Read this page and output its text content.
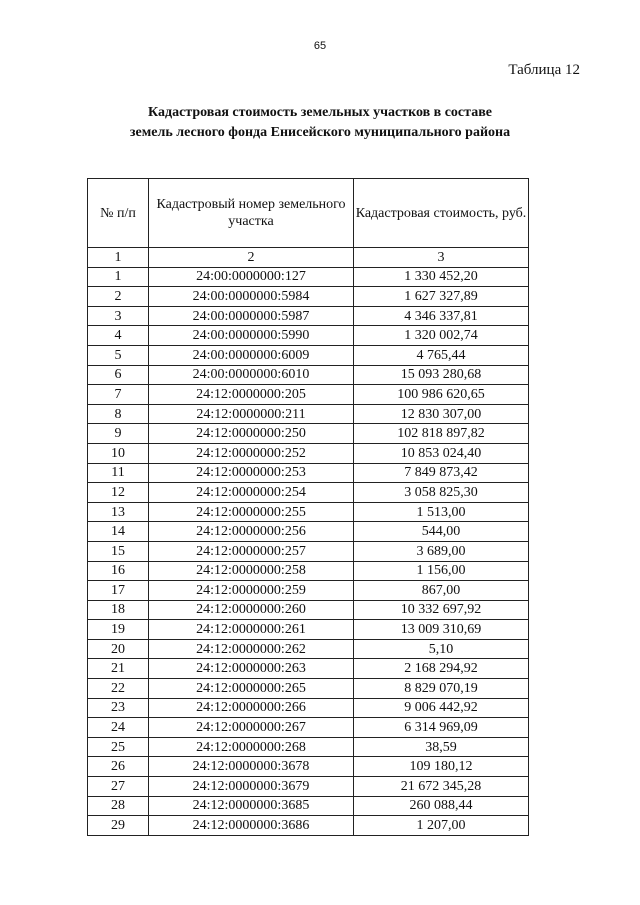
65
Таблица 12
Кадастровая стоимость земельных участков в составе
земель лесного фонда Енисейского муниципального района
№ п/п	Кадастровый номер земельного участка	Кадастровая стоимость, руб.
1	2	3
1	24:00:0000000:127	1 330 452,20
2	24:00:0000000:5984	1 627 327,89
3	24:00:0000000:5987	4 346 337,81
4	24:00:0000000:5990	1 320 002,74
5	24:00:0000000:6009	4 765,44
6	24:00:0000000:6010	15 093 280,68
7	24:12:0000000:205	100 986 620,65
8	24:12:0000000:211	12 830 307,00
9	24:12:0000000:250	102 818 897,82
10	24:12:0000000:252	10 853 024,40
11	24:12:0000000:253	7 849 873,42
12	24:12:0000000:254	3 058 825,30
13	24:12:0000000:255	1 513,00
14	24:12:0000000:256	544,00
15	24:12:0000000:257	3 689,00
16	24:12:0000000:258	1 156,00
17	24:12:0000000:259	867,00
18	24:12:0000000:260	10 332 697,92
19	24:12:0000000:261	13 009 310,69
20	24:12:0000000:262	5,10
21	24:12:0000000:263	2 168 294,92
22	24:12:0000000:265	8 829 070,19
23	24:12:0000000:266	9 006 442,92
24	24:12:0000000:267	6 314 969,09
25	24:12:0000000:268	38,59
26	24:12:0000000:3678	109 180,12
27	24:12:0000000:3679	21 672 345,28
28	24:12:0000000:3685	260 088,44
29	24:12:0000000:3686	1 207,00
